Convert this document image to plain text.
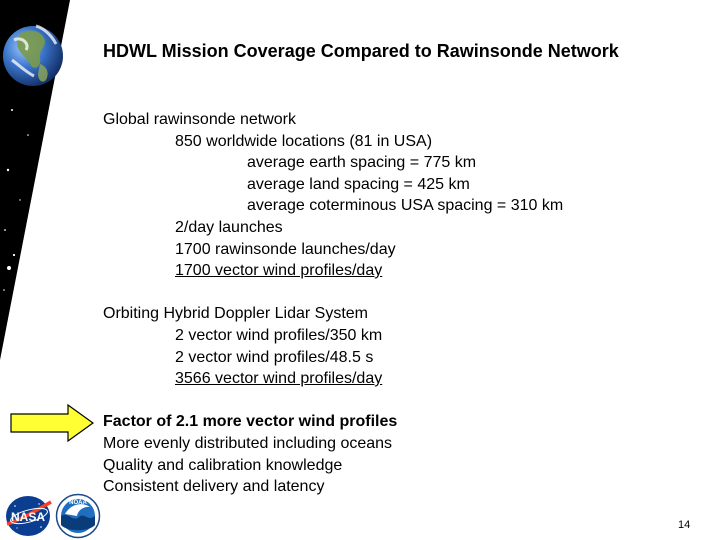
HDWL Mission Coverage Compared to Rawinsonde Network
Global rawinsonde network
850 worldwide locations (81 in USA)
average earth spacing = 775 km
average land spacing = 425 km
average coterminous USA spacing = 310 km
2/day launches
1700 rawinsonde launches/day
1700 vector wind profiles/day
Orbiting Hybrid Doppler Lidar System
2 vector wind profiles/350 km
2 vector wind profiles/48.5 s
3566 vector wind profiles/day
Factor of 2.1 more vector wind profiles
More evenly distributed including oceans
Quality and calibration knowledge
Consistent delivery and latency
NASA
NOAA
14
